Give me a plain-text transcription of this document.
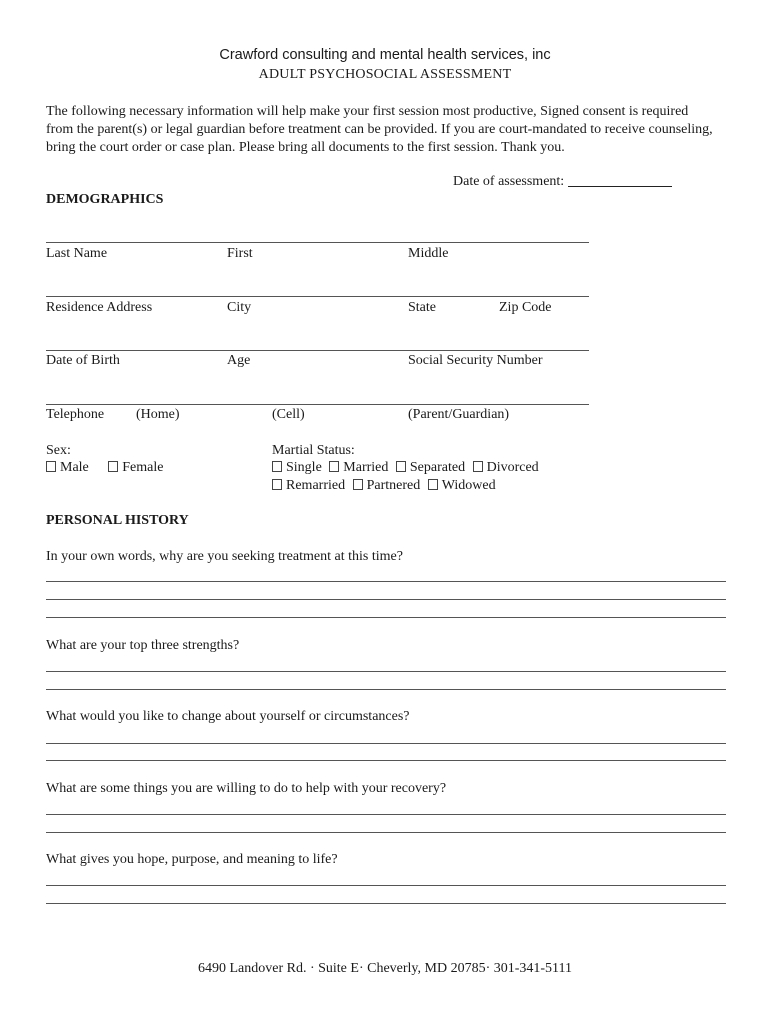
Crawford consulting and mental health services, inc
ADULT PSYCHOSOCIAL ASSESSMENT
The following necessary information will help make your first session most productive, Signed consent is required from the parent(s) or legal guardian before treatment can be provided. If you are court-mandated to receive counseling, bring the court order or case plan. Please bring all documents to the first session. Thank you.
Date of assessment:
DEMOGRAPHICS
Last Name	First	Middle
Residence Address	City	State	Zip Code
Date of Birth	Age	Social Security Number
Telephone (Home)	(Cell)	(Parent/Guardian)
Sex:
Male Female
Martial Status:
Single Married Separated Divorced
Remarried Partnered Widowed
PERSONAL HISTORY
In your own words, why are you seeking treatment at this time?
What are your top three strengths?
What would you like to change about yourself or circumstances?
What are some things you are willing to do to help with your recovery?
What gives you hope, purpose, and meaning to life?
6490 Landover Rd. · Suite E· Cheverly, MD 20785· 301-341-5111
